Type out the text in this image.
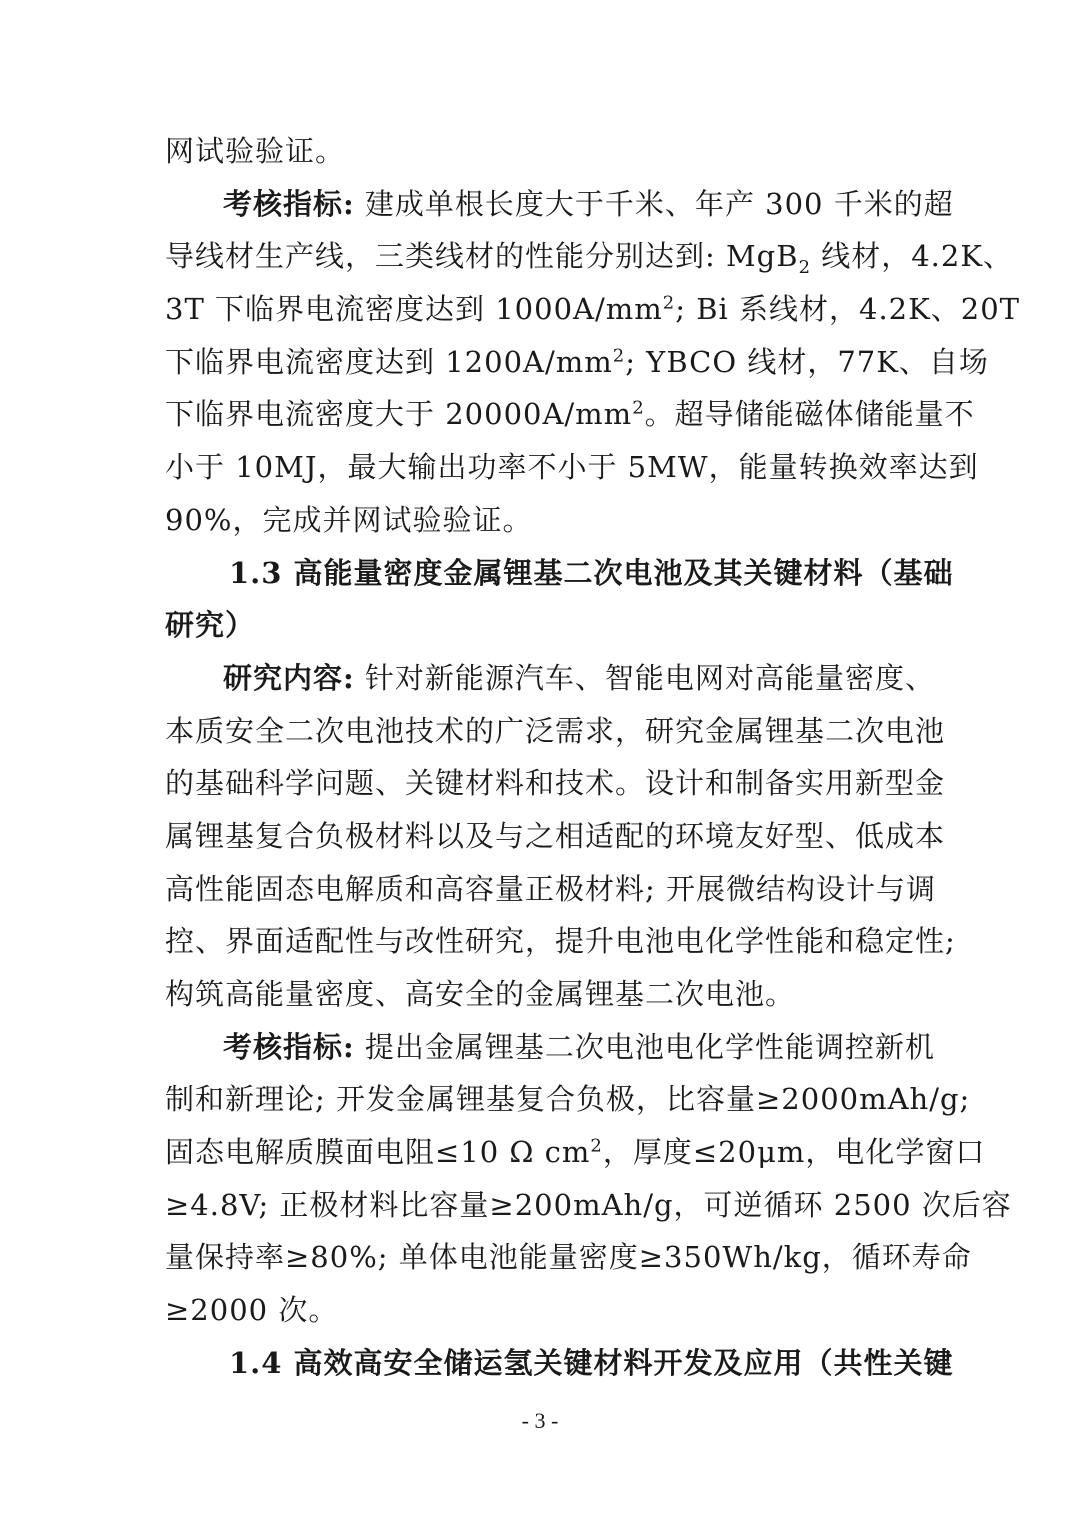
网试验验证。
考核指标: 建成单根长度大于千米、年产 300 千米的超
导线材生产线，三类线材的性能分别达到: MgB$_2$ 线材，4.2K、
3T 下临界电流密度达到 $1000A/mm^2$; Bi 系线材，4.2K、20T
下临界电流密度达到 $1200A/mm^2$; YBCO 线材，77K、自场
下临界电流密度大于 $20000A/mm^2$。超导储能磁体储能量不
小于 10MJ，最大输出功率不小于 5MW，能量转换效率达到
90%，完成并网试验验证。
1.3 高能量密度金属锂基二次电池及其关键材料（基础
研究）
研究内容: 针对新能源汽车、智能电网对高能量密度、
本质安全二次电池技术的广泛需求，研究金属锂基二次电池
的基础科学问题、关键材料和技术。设计和制备实用新型金
属锂基复合负极材料以及与之相适配的环境友好型、低成本
高性能固态电解质和高容量正极材料; 开展微结构设计与调
控、界面适配性与改性研究，提升电池电化学性能和稳定性;
构筑高能量密度、高安全的金属锂基二次电池。
考核指标: 提出金属锂基二次电池电化学性能调控新机
制和新理论; 开发金属锂基复合负极，比容量≥2000mAh/g;
固态电解质膜面电阻≤10 Ω $cm^2$，厚度≤20μm，电化学窗口
≥4.8V; 正极材料比容量≥200mAh/g，可逆循环 2500 次后容
量保持率≥80%; 单体电池能量密度≥350Wh/kg，循环寿命
≥2000 次。
1.4 高效高安全储运氢关键材料开发及应用（共性关键
- 3 -
